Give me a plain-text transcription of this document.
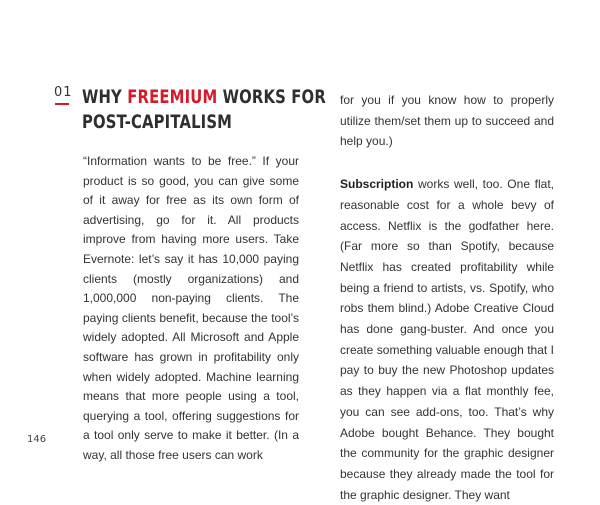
01 WHY FREEMIUM WORKS FOR
POST-CAPITALISM

“Information wants to be free.” If your product is so good, you can give some of it away for free as its own form of advertising, go for it. All products improve from having more users. Take Evernote: let’s say it has 10,000 paying clients (mostly organizations) and 1,000,000 non-paying clients. The paying clients benefit, because the tool’s widely adopted. All Microsoft and Apple software has grown in profitability only when widely adopted. Machine learning means that more people using a tool, querying a tool, offering suggestions for a tool only serve to make it better. (In a way, all those free users can work

for you if you know how to properly utilize them/set them up to succeed and help you.)

Subscription works well, too. One flat, reasonable cost for a whole bevy of access. Netflix is the godfather here. (Far more so than Spotify, because Netflix has created profitability while being a friend to artists, vs. Spotify, who robs them blind.) Adobe Creative Cloud has done gang-buster. And once you create something valuable enough that I pay to buy the new Photoshop updates as they happen via a flat monthly fee, you can see add-ons, too. That’s why Adobe bought Behance. They bought the community for the graphic designer because they already made the tool for the graphic designer. They want

146
